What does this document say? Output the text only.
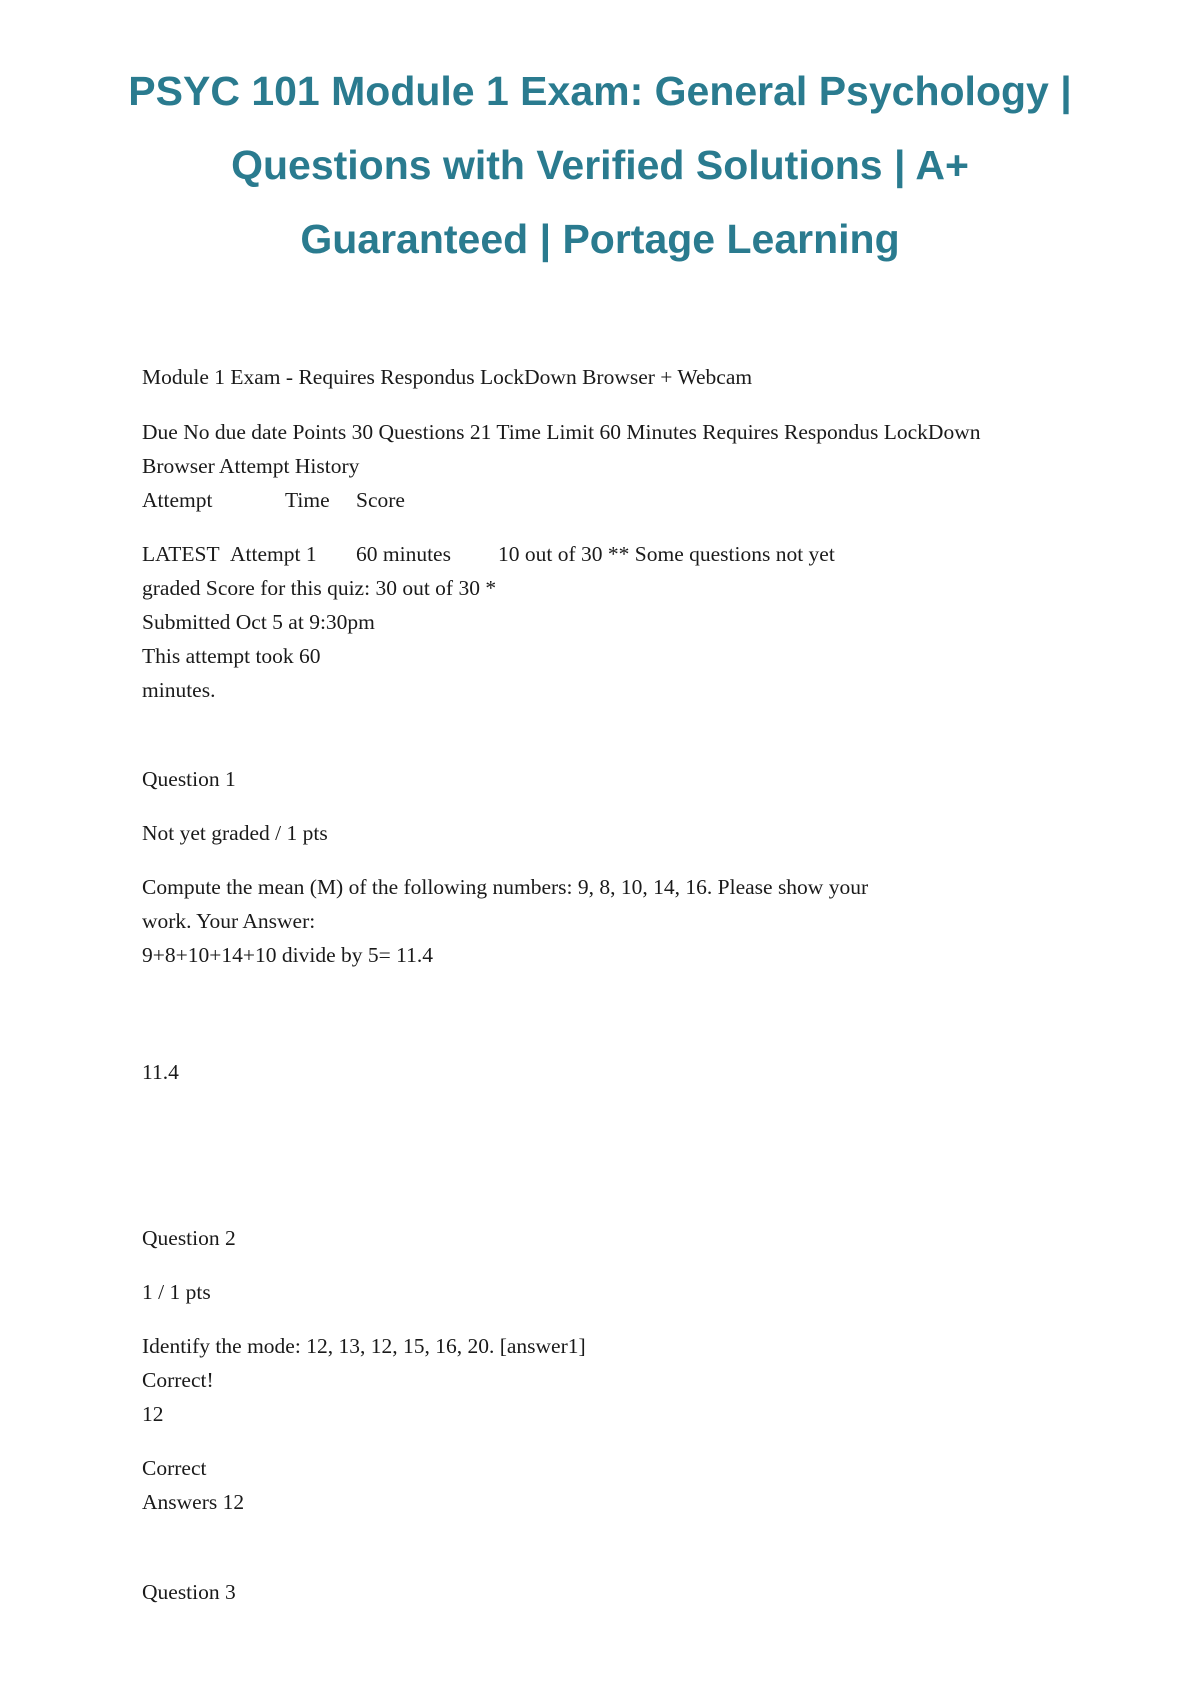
PSYC 101 Module 1 Exam: General Psychology |
Questions with Verified Solutions | A+
Guaranteed | Portage Learning
Module 1 Exam - Requires Respondus LockDown Browser + Webcam
Due No due date Points 30 Questions 21 Time Limit 60 Minutes Requires Respondus LockDown
Browser Attempt History
Attempt	Time Score
LATEST Attempt 1 60 minutes 10 out of 30 ** Some questions not yet
graded Score for this quiz: 30 out of 30 *
Submitted Oct 5 at 9:30pm
This attempt took 60
minutes.
Question 1
Not yet graded / 1 pts
Compute the mean (M) of the following numbers: 9, 8, 10, 14, 16. Please show your
work. Your Answer:
9+8+10+14+10 divide by 5= 11.4
11.4
Question 2
1 / 1 pts
Identify the mode: 12, 13, 12, 15, 16, 20. [answer1]
Correct!
12
Correct
Answers 12
Question 3
